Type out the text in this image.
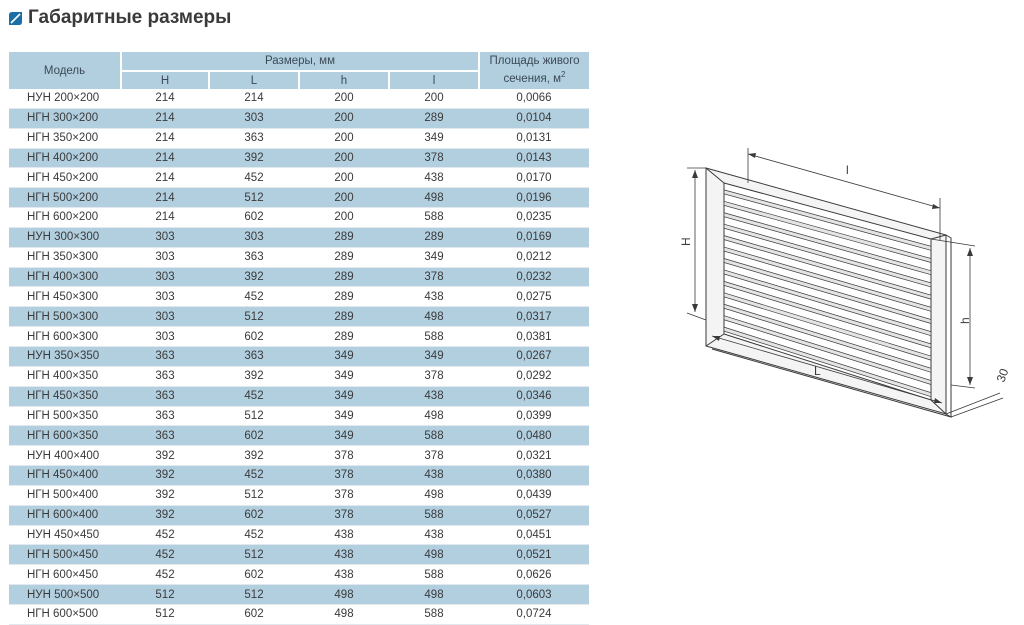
Габаритные размеры
Модель	Размеры, мм				Площадь живого
сечения, $м^2$
	H	L	h	l	
НУН 200×200	214	214	200	200	0,0066
НГН 300×200	214	303	200	289	0,0104
НГН 350×200	214	363	200	349	0,0131
НГН 400×200	214	392	200	378	0,0143
НГН 450×200	214	452	200	438	0,0170
НГН 500×200	214	512	200	498	0,0196
НГН 600×200	214	602	200	588	0,0235
НУН 300×300	303	303	289	289	0,0169
НГН 350×300	303	363	289	349	0,0212
НГН 400×300	303	392	289	378	0,0232
НГН 450×300	303	452	289	438	0,0275
НГН 500×300	303	512	289	498	0,0317
НГН 600×300	303	602	289	588	0,0381
НУН 350×350	363	363	349	349	0,0267
НГН 400×350	363	392	349	378	0,0292
НГН 450×350	363	452	349	438	0,0346
НГН 500×350	363	512	349	498	0,0399
НГН 600×350	363	602	349	588	0,0480
НУН 400×400	392	392	378	378	0,0321
НГН 450×400	392	452	378	438	0,0380
НГН 500×400	392	512	378	498	0,0439
НГН 600×400	392	602	378	588	0,0527
НУН 450×450	452	452	438	438	0,0451
НГН 500×450	452	512	438	498	0,0521
НГН 600×450	452	602	438	588	0,0626
НУН 500×500	512	512	498	498	0,0603
НГН 600×500	512	602	498	588	0,0724
l
H
h
L	30
